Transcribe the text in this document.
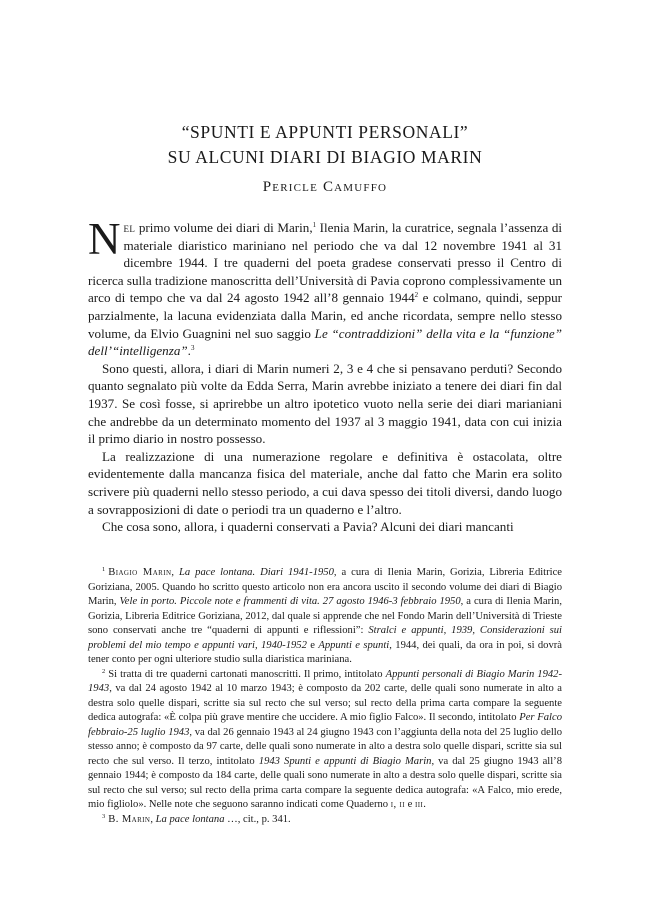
“SPUNTI E APPUNTI PERSONALI”
SU ALCUNI DIARI DI BIAGIO MARIN
Pericle Camuffo

Nel primo volume dei diari di Marin,$^1$ Ilenia Marin, la curatrice, segnala l’assenza di materiale diaristico mariniano nel periodo che va dal 12 novembre 1941 al 31 dicembre 1944. I tre quaderni del poeta gradese conservati presso il Centro di ricerca sulla tradizione manoscritta dell’Università di Pavia coprono complessivamente un arco di tempo che va dal 24 agosto 1942 all’8 gennaio 1944$^2$ e colmano, quindi, seppur parzialmente, la lacuna evidenziata dalla Marin, ed anche ricordata, sempre nello stesso volume, da Elvio Guagnini nel suo saggio Le “contraddizioni” della vita e la “funzione” dell’“intelligenza”.$^3$

Sono questi, allora, i diari di Marin numeri 2, 3 e 4 che si pensavano perduti? Secondo quanto segnalato più volte da Edda Serra, Marin avrebbe iniziato a tenere dei diari fin dal 1937. Se così fosse, si aprirebbe un altro ipotetico vuoto nella serie dei diari marianiani che andrebbe da un determinato momento del 1937 al 3 maggio 1941, data con cui inizia il primo diario in nostro possesso.

La realizzazione di una numerazione regolare e definitiva è ostacolata, oltre evidentemente dalla mancanza fisica del materiale, anche dal fatto che Marin era solito scrivere più quaderni nello stesso periodo, a cui dava spesso dei titoli diversi, dando luogo a sovrapposizioni di date o periodi tra un quaderno e l’altro.

Che cosa sono, allora, i quaderni conservati a Pavia? Alcuni dei diari mancanti

$^1$ Biagio Marin, La pace lontana. Diari 1941-1950, a cura di Ilenia Marin, Gorizia, Libreria Editrice Goriziana, 2005. Quando ho scritto questo articolo non era ancora uscito il secondo volume dei diari di Biagio Marin, Vele in porto. Piccole note e frammenti di vita. 27 agosto 1946-3 febbraio 1950, a cura di Ilenia Marin, Gorizia, Libreria Editrice Goriziana, 2012, dal quale si apprende che nel Fondo Marin dell’Università di Trieste sono conservati anche tre “quaderni di appunti e riflessioni”: Stralci e appunti, 1939, Considerazioni sui problemi del mio tempo e appunti vari, 1940-1952 e Appunti e spunti, 1944, dei quali, da ora in poi, si dovrà tener conto per ogni ulteriore studio sulla diaristica mariniana.

$^2$ Si tratta di tre quaderni cartonati manoscritti. Il primo, intitolato Appunti personali di Biagio Marin 1942-1943, va dal 24 agosto 1942 al 10 marzo 1943; è composto da 202 carte, delle quali sono numerate in alto a destra solo quelle dispari, scritte sia sul recto che sul verso; sul recto della prima carta compare la seguente dedica autografa: «È colpa più grave mentire che uccidere. A mio figlio Falco». Il secondo, intitolato Per Falco febbraio-25 luglio 1943, va dal 26 gennaio 1943 al 24 giugno 1943 con l’aggiunta della nota del 25 luglio dello stesso anno; è composto da 97 carte, delle quali sono numerate in alto a destra solo quelle dispari, scritte sia sul recto che sul verso. Il terzo, intitolato 1943 Spunti e appunti di Biagio Marin, va dal 25 giugno 1943 all’8 gennaio 1944; è composto da 184 carte, delle quali sono numerate in alto a destra solo quelle dispari, scritte sia sul recto che sul verso; sul recto della prima carta compare la seguente dedica autografa: «A Falco, mio erede, mio figliolo». Nelle note che seguono saranno indicati come Quaderno i, ii e iii.

$^3$ B. Marin, La pace lontana …, cit., p. 341.
